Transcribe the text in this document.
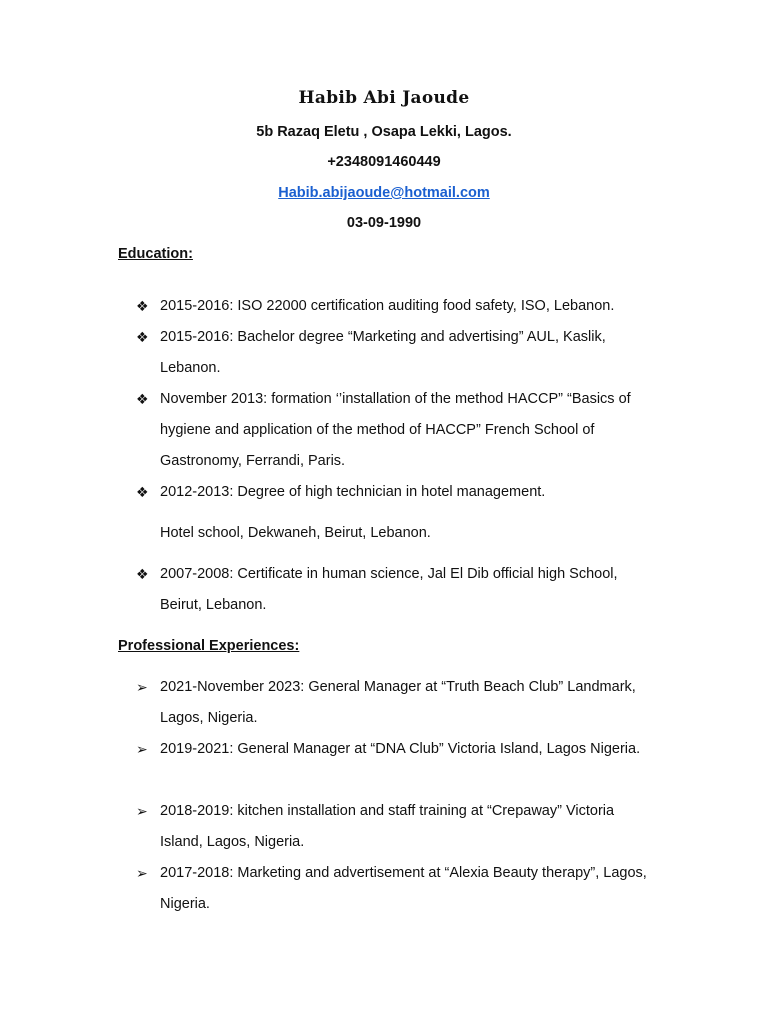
Habib Abi Jaoude
5b Razaq Eletu , Osapa Lekki, Lagos.
+2348091460449
Habib.abijaoude@hotmail.com
03-09-1990
Education:
❖ 2015-2016: ISO 22000 certification auditing food safety, ISO, Lebanon.
❖ 2015-2016: Bachelor degree “Marketing and advertising” AUL, Kaslik, Lebanon.
❖ November 2013: formation ‘’installation of the method HACCP” “Basics of hygiene and application of the method of HACCP” French School of Gastronomy, Ferrandi, Paris.
❖ 2012-2013: Degree of high technician in hotel management.
Hotel school, Dekwaneh, Beirut, Lebanon.
❖ 2007-2008: Certificate in human science, Jal El Dib official high School, Beirut, Lebanon.
Professional Experiences:
➢ 2021-November 2023: General Manager at “Truth Beach Club” Landmark, Lagos, Nigeria.
➢ 2019-2021: General Manager at “DNA Club” Victoria Island, Lagos Nigeria.
➢ 2018-2019: kitchen installation and staff training at “Crepaway” Victoria Island, Lagos, Nigeria.
➢ 2017-2018: Marketing and advertisement at “Alexia Beauty therapy”, Lagos, Nigeria.
